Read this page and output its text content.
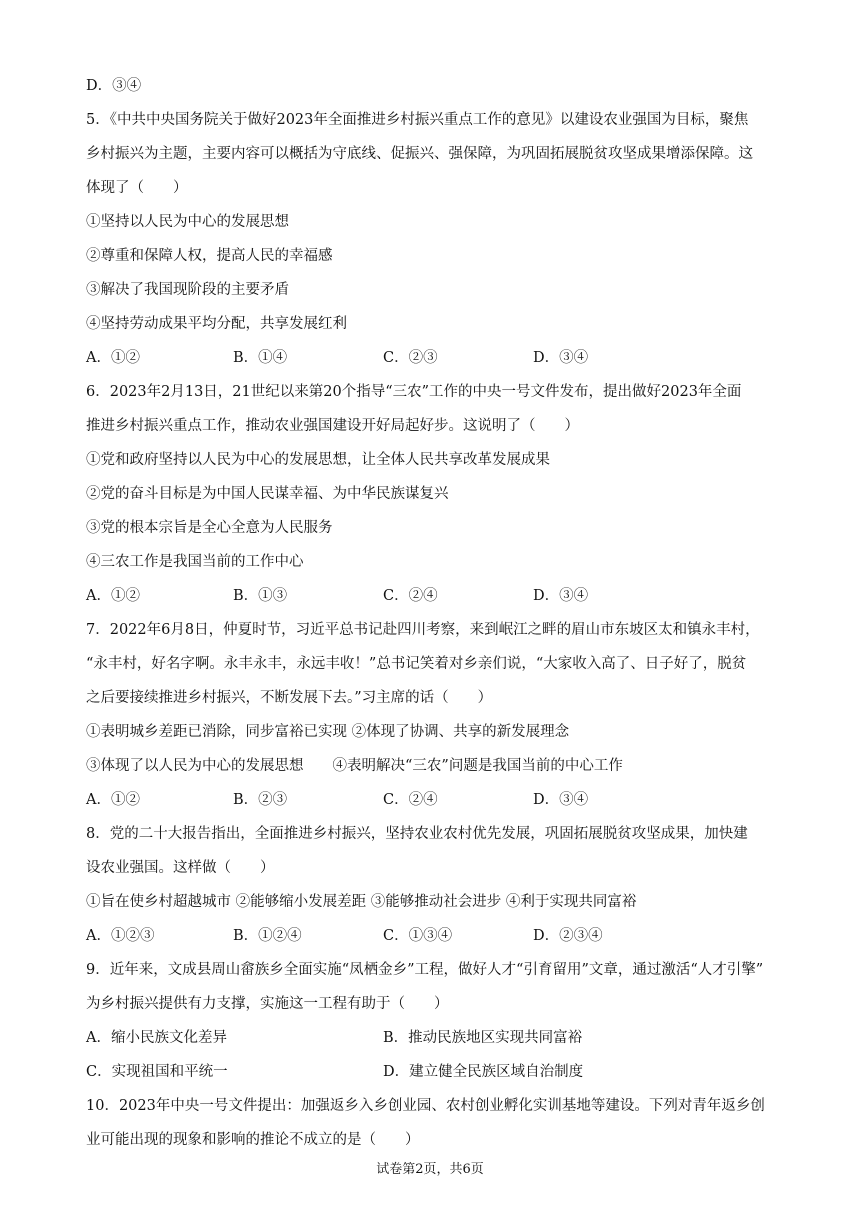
D．③④
5．《中共中央国务院关于做好2023年全面推进乡村振兴重点工作的意见》以建设农业强国为目标，聚焦
乡村振兴为主题，主要内容可以概括为守底线、促振兴、强保障，为巩固拓展脱贫攻坚成果增添保障。这
体现了（　　）
①坚持以人民为中心的发展思想
②尊重和保障人权，提高人民的幸福感
③解决了我国现阶段的主要矛盾
④坚持劳动成果平均分配，共享发展红利
A．①②	B．①④	C．②③	D．③④
6．2023年2月13日，21世纪以来第20个指导“三农”工作的中央一号文件发布，提出做好2023年全面
推进乡村振兴重点工作，推动农业强国建设开好局起好步。这说明了（　　）
①党和政府坚持以人民为中心的发展思想，让全体人民共享改革发展成果
②党的奋斗目标是为中国人民谋幸福、为中华民族谋复兴
③党的根本宗旨是全心全意为人民服务
④三农工作是我国当前的工作中心
A．①②	B．①③	C．②④	D．③④
7．2022年6月8日，仲夏时节，习近平总书记赴四川考察，来到岷江之畔的眉山市东坡区太和镇永丰村，
“永丰村，好名字啊。永丰永丰，永远丰收！”总书记笑着对乡亲们说，“大家收入高了、日子好了，脱贫
之后要接续推进乡村振兴，不断发展下去。”习主席的话（　　）
①表明城乡差距已消除，同步富裕已实现 ②体现了协调、共享的新发展理念
③体现了以人民为中心的发展思想　　④表明解决“三农”问题是我国当前的中心工作
A．①②	B．②③	C．②④	D．③④
8．党的二十大报告指出，全面推进乡村振兴，坚持农业农村优先发展，巩固拓展脱贫攻坚成果，加快建
设农业强国。这样做（　　）
①旨在使乡村超越城市 ②能够缩小发展差距 ③能够推动社会进步 ④利于实现共同富裕
A．①②③	B．①②④	C．①③④	D．②③④
9．近年来，文成县周山畲族乡全面实施“凤栖金乡”工程，做好人才“引育留用”文章，通过激活“人才引擎”
为乡村振兴提供有力支撑，实施这一工程有助于（　　）
A．缩小民族文化差异	B．推动民族地区实现共同富裕
C．实现祖国和平统一	D．建立健全民族区域自治制度
10．2023年中央一号文件提出：加强返乡入乡创业园、农村创业孵化实训基地等建设。下列对青年返乡创
业可能出现的现象和影响的推论不成立的是（　　）
试卷第2页，共6页
